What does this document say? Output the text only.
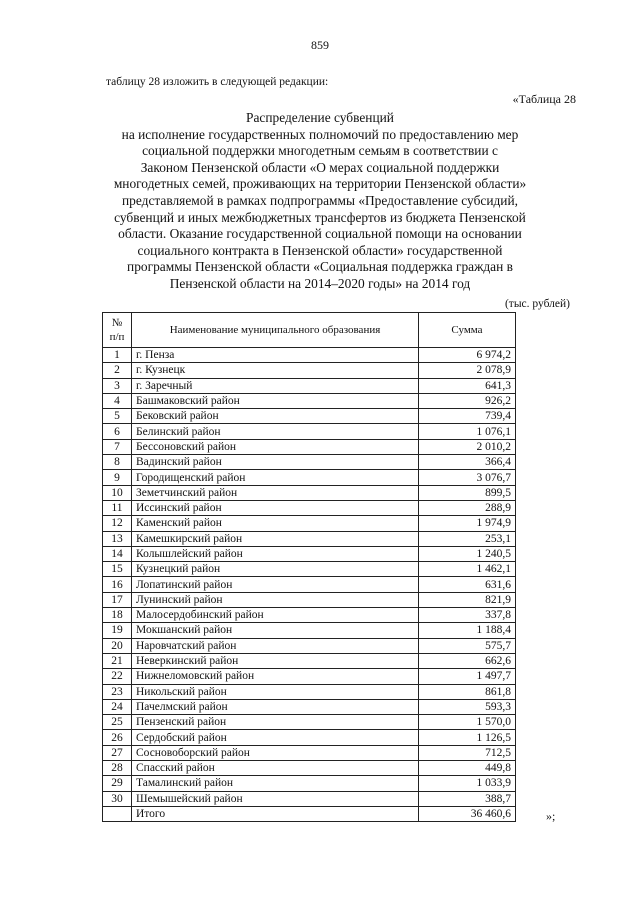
859
таблицу 28 изложить в следующей редакции:
«Таблица 28
Распределение субвенций
на исполнение государственных полномочий по предоставлению мер
социальной поддержки многодетным семьям в соответствии с
Законом Пензенской области «О мерах социальной поддержки
многодетных семей, проживающих на территории Пензенской области»
представляемой в рамках подпрограммы «Предоставление субсидий,
субвенций и иных межбюджетных трансфертов из бюджета Пензенской
области. Оказание государственной социальной помощи на основании
социального контракта в Пензенской области» государственной
программы Пензенской области «Социальная поддержка граждан в
Пензенской области на 2014–2020 годы» на 2014 год
(тыс. рублей)
№
п/п	Наименование муниципального образования	Сумма
1	г. Пенза	6 974,2
2	г. Кузнецк	2 078,9
3	г. Заречный	641,3
4	Башмаковский район	926,2
5	Бековский район	739,4
6	Белинский район	1 076,1
7	Бессоновский район	2 010,2
8	Вадинский район	366,4
9	Городищенский район	3 076,7
10	Земетчинский район	899,5
11	Иссинский район	288,9
12	Каменский район	1 974,9
13	Камешкирский район	253,1
14	Колышлейский район	1 240,5
15	Кузнецкий район	1 462,1
16	Лопатинский район	631,6
17	Лунинский район	821,9
18	Малосердобинский район	337,8
19	Мокшанский район	1 188,4
20	Наровчатский район	575,7
21	Неверкинский район	662,6
22	Нижнеломовский район	1 497,7
23	Никольский район	861,8
24	Пачелмский район	593,3
25	Пензенский район	1 570,0
26	Сердобский район	1 126,5
27	Сосновоборский район	712,5
28	Спасский район	449,8
29	Тамалинский район	1 033,9
30	Шемышейский район	388,7
	Итого	36 460,6	»;
